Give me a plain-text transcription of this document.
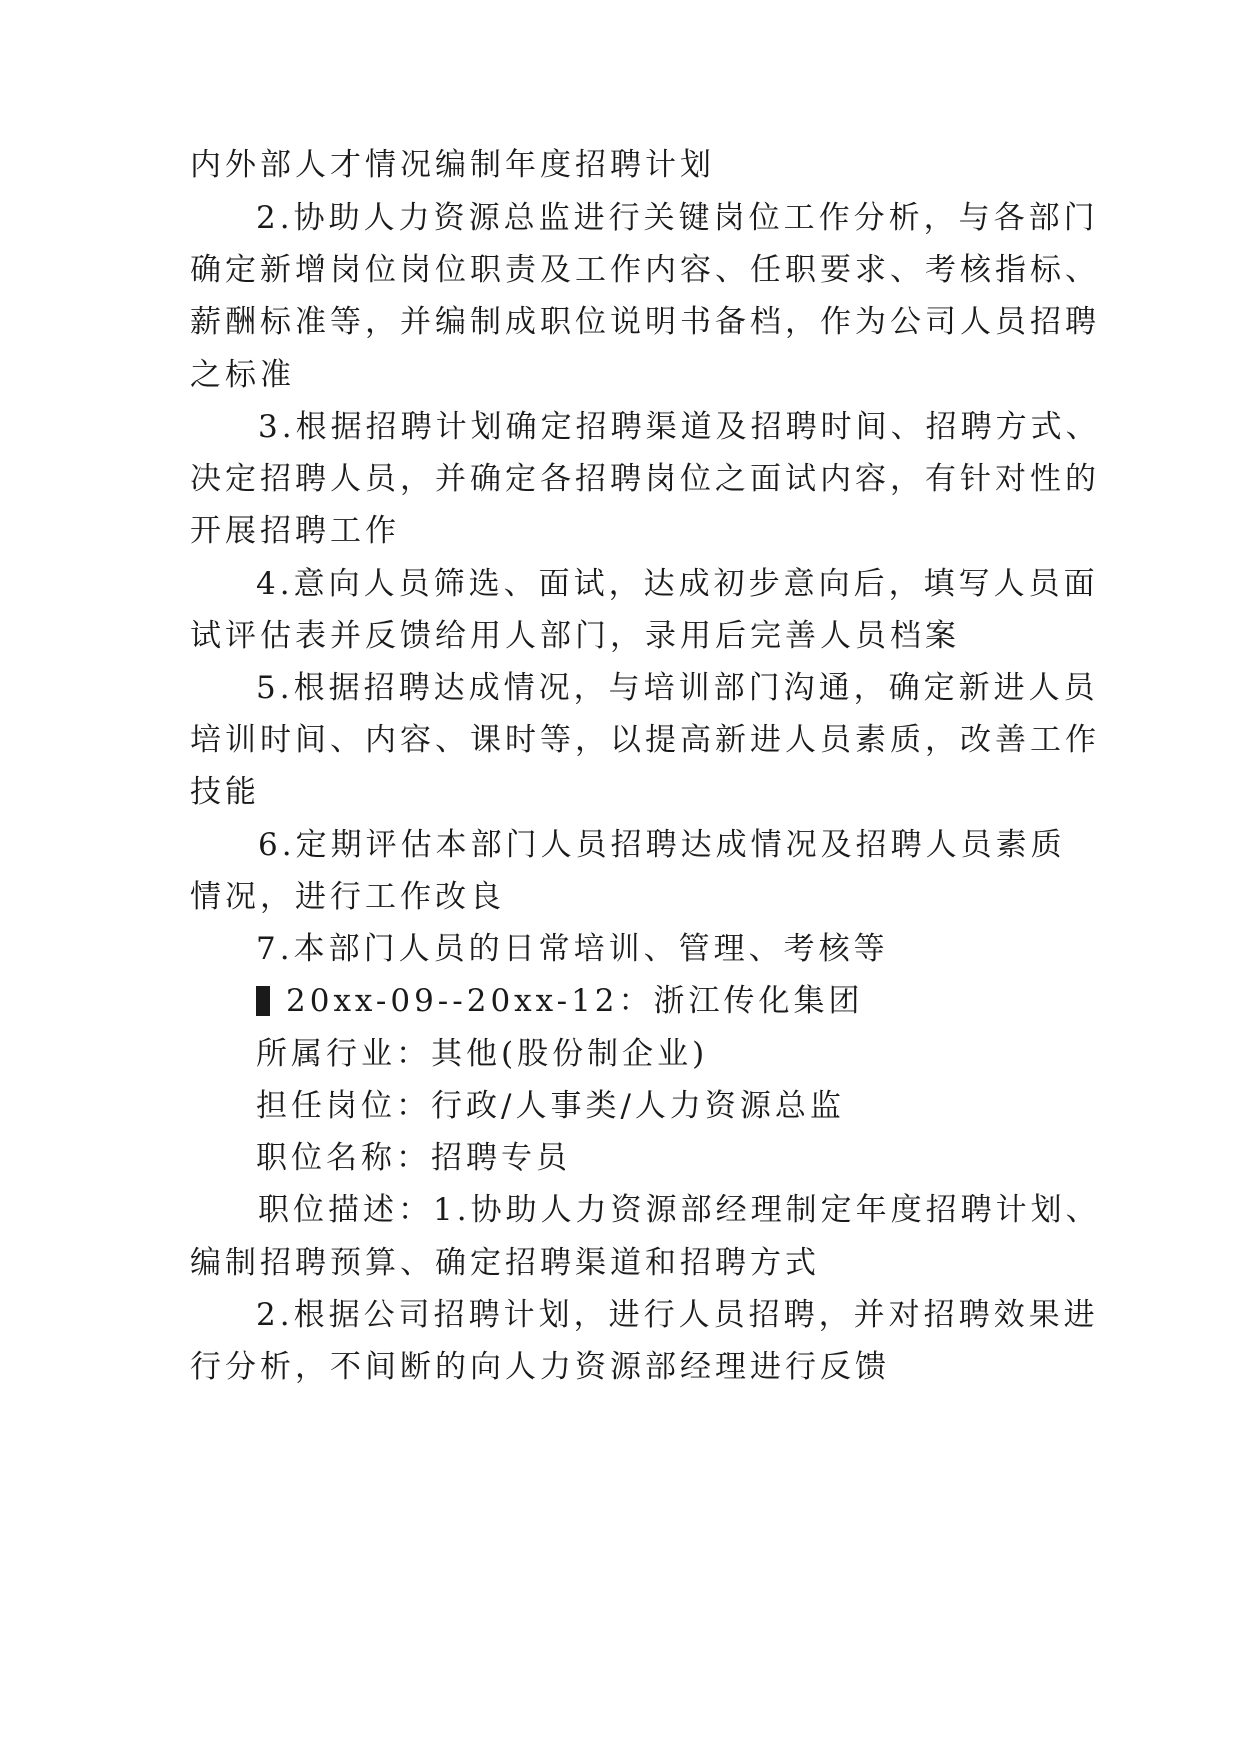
内外部人才情况编制年度招聘计划
2.协助人力资源总监进行关键岗位工作分析，与各部门
确定新增岗位岗位职责及工作内容、任职要求、考核指标、
薪酬标准等，并编制成职位说明书备档，作为公司人员招聘
之标准
3.根据招聘计划确定招聘渠道及招聘时间、招聘方式、
决定招聘人员，并确定各招聘岗位之面试内容，有针对性的
开展招聘工作
4.意向人员筛选、面试，达成初步意向后，填写人员面
试评估表并反馈给用人部门，录用后完善人员档案
5.根据招聘达成情况，与培训部门沟通，确定新进人员
培训时间、内容、课时等，以提高新进人员素质，改善工作
技能
6.定期评估本部门人员招聘达成情况及招聘人员素质
情况，进行工作改良
7.本部门人员的日常培训、管理、考核等
20xx-09--20xx-12：浙江传化集团
所属行业：其他(股份制企业)
担任岗位：行政/人事类/人力资源总监
职位名称：招聘专员
职位描述：1.协助人力资源部经理制定年度招聘计划、
编制招聘预算、确定招聘渠道和招聘方式
2.根据公司招聘计划，进行人员招聘，并对招聘效果进
行分析，不间断的向人力资源部经理进行反馈
